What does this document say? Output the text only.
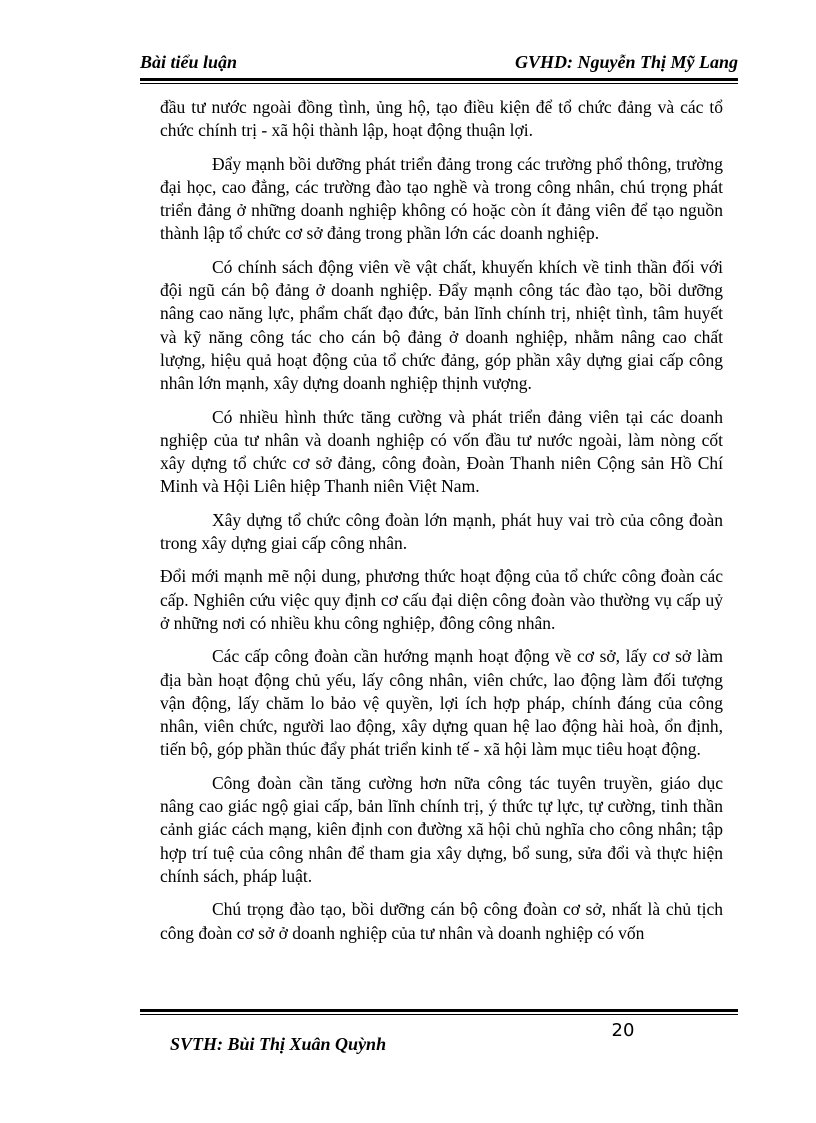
Bài tiểu luận	GVHD: Nguyễn Thị Mỹ Lang

đầu tư nước ngoài đồng tình, ủng hộ, tạo điều kiện để tổ chức đảng và các tổ chức chính trị - xã hội thành lập, hoạt động thuận lợi.

Đẩy mạnh bồi dưỡng phát triển đảng trong các trường phổ thông, trường đại học, cao đẳng, các trường đào tạo nghề và trong công nhân, chú trọng phát triển đảng ở những doanh nghiệp không có hoặc còn ít đảng viên để tạo nguồn thành lập tổ chức cơ sở đảng trong phần lớn các doanh nghiệp.

Có chính sách động viên về vật chất, khuyến khích về tinh thần đối với đội ngũ cán bộ đảng ở doanh nghiệp. Đẩy mạnh công tác đào tạo, bồi dưỡng nâng cao năng lực, phẩm chất đạo đức, bản lĩnh chính trị, nhiệt tình, tâm huyết và kỹ năng công tác cho cán bộ đảng ở doanh nghiệp, nhằm nâng cao chất lượng, hiệu quả hoạt động của tổ chức đảng, góp phần xây dựng giai cấp công nhân lớn mạnh, xây dựng doanh nghiệp thịnh vượng.

Có nhiều hình thức tăng cường và phát triển đảng viên tại các doanh nghiệp của tư nhân và doanh nghiệp có vốn đầu tư nước ngoài, làm nòng cốt xây dựng tổ chức cơ sở đảng, công đoàn, Đoàn Thanh niên Cộng sản Hồ Chí Minh và Hội Liên hiệp Thanh niên Việt Nam.

Xây dựng tổ chức công đoàn lớn mạnh, phát huy vai trò của công đoàn trong xây dựng giai cấp công nhân.

Đổi mới mạnh mẽ nội dung, phương thức hoạt động của tổ chức công đoàn các cấp. Nghiên cứu việc quy định cơ cấu đại diện công đoàn vào thường vụ cấp uỷ ở những nơi có nhiều khu công nghiệp, đông công nhân.

Các cấp công đoàn cần hướng mạnh hoạt động về cơ sở, lấy cơ sở làm địa bàn hoạt động chủ yếu, lấy công nhân, viên chức, lao động làm đối tượng vận động, lấy chăm lo bảo vệ quyền, lợi ích hợp pháp, chính đáng của công nhân, viên chức, người lao động, xây dựng quan hệ lao động hài hoà, ổn định, tiến bộ, góp phần thúc đẩy phát triển kinh tế - xã hội làm mục tiêu hoạt động.

Công đoàn cần tăng cường hơn nữa công tác tuyên truyền, giáo dục nâng cao giác ngộ giai cấp, bản lĩnh chính trị, ý thức tự lực, tự cường, tinh thần cảnh giác cách mạng, kiên định con đường xã hội chủ nghĩa cho công nhân; tập hợp trí tuệ của công nhân để tham gia xây dựng, bổ sung, sửa đổi và thực hiện chính sách, pháp luật.

Chú trọng đào tạo, bồi dưỡng cán bộ công đoàn cơ sở, nhất là chủ tịch công đoàn cơ sở ở doanh nghiệp của tư nhân và doanh nghiệp có vốn

20
SVTH: Bùi Thị Xuân Quỳnh
